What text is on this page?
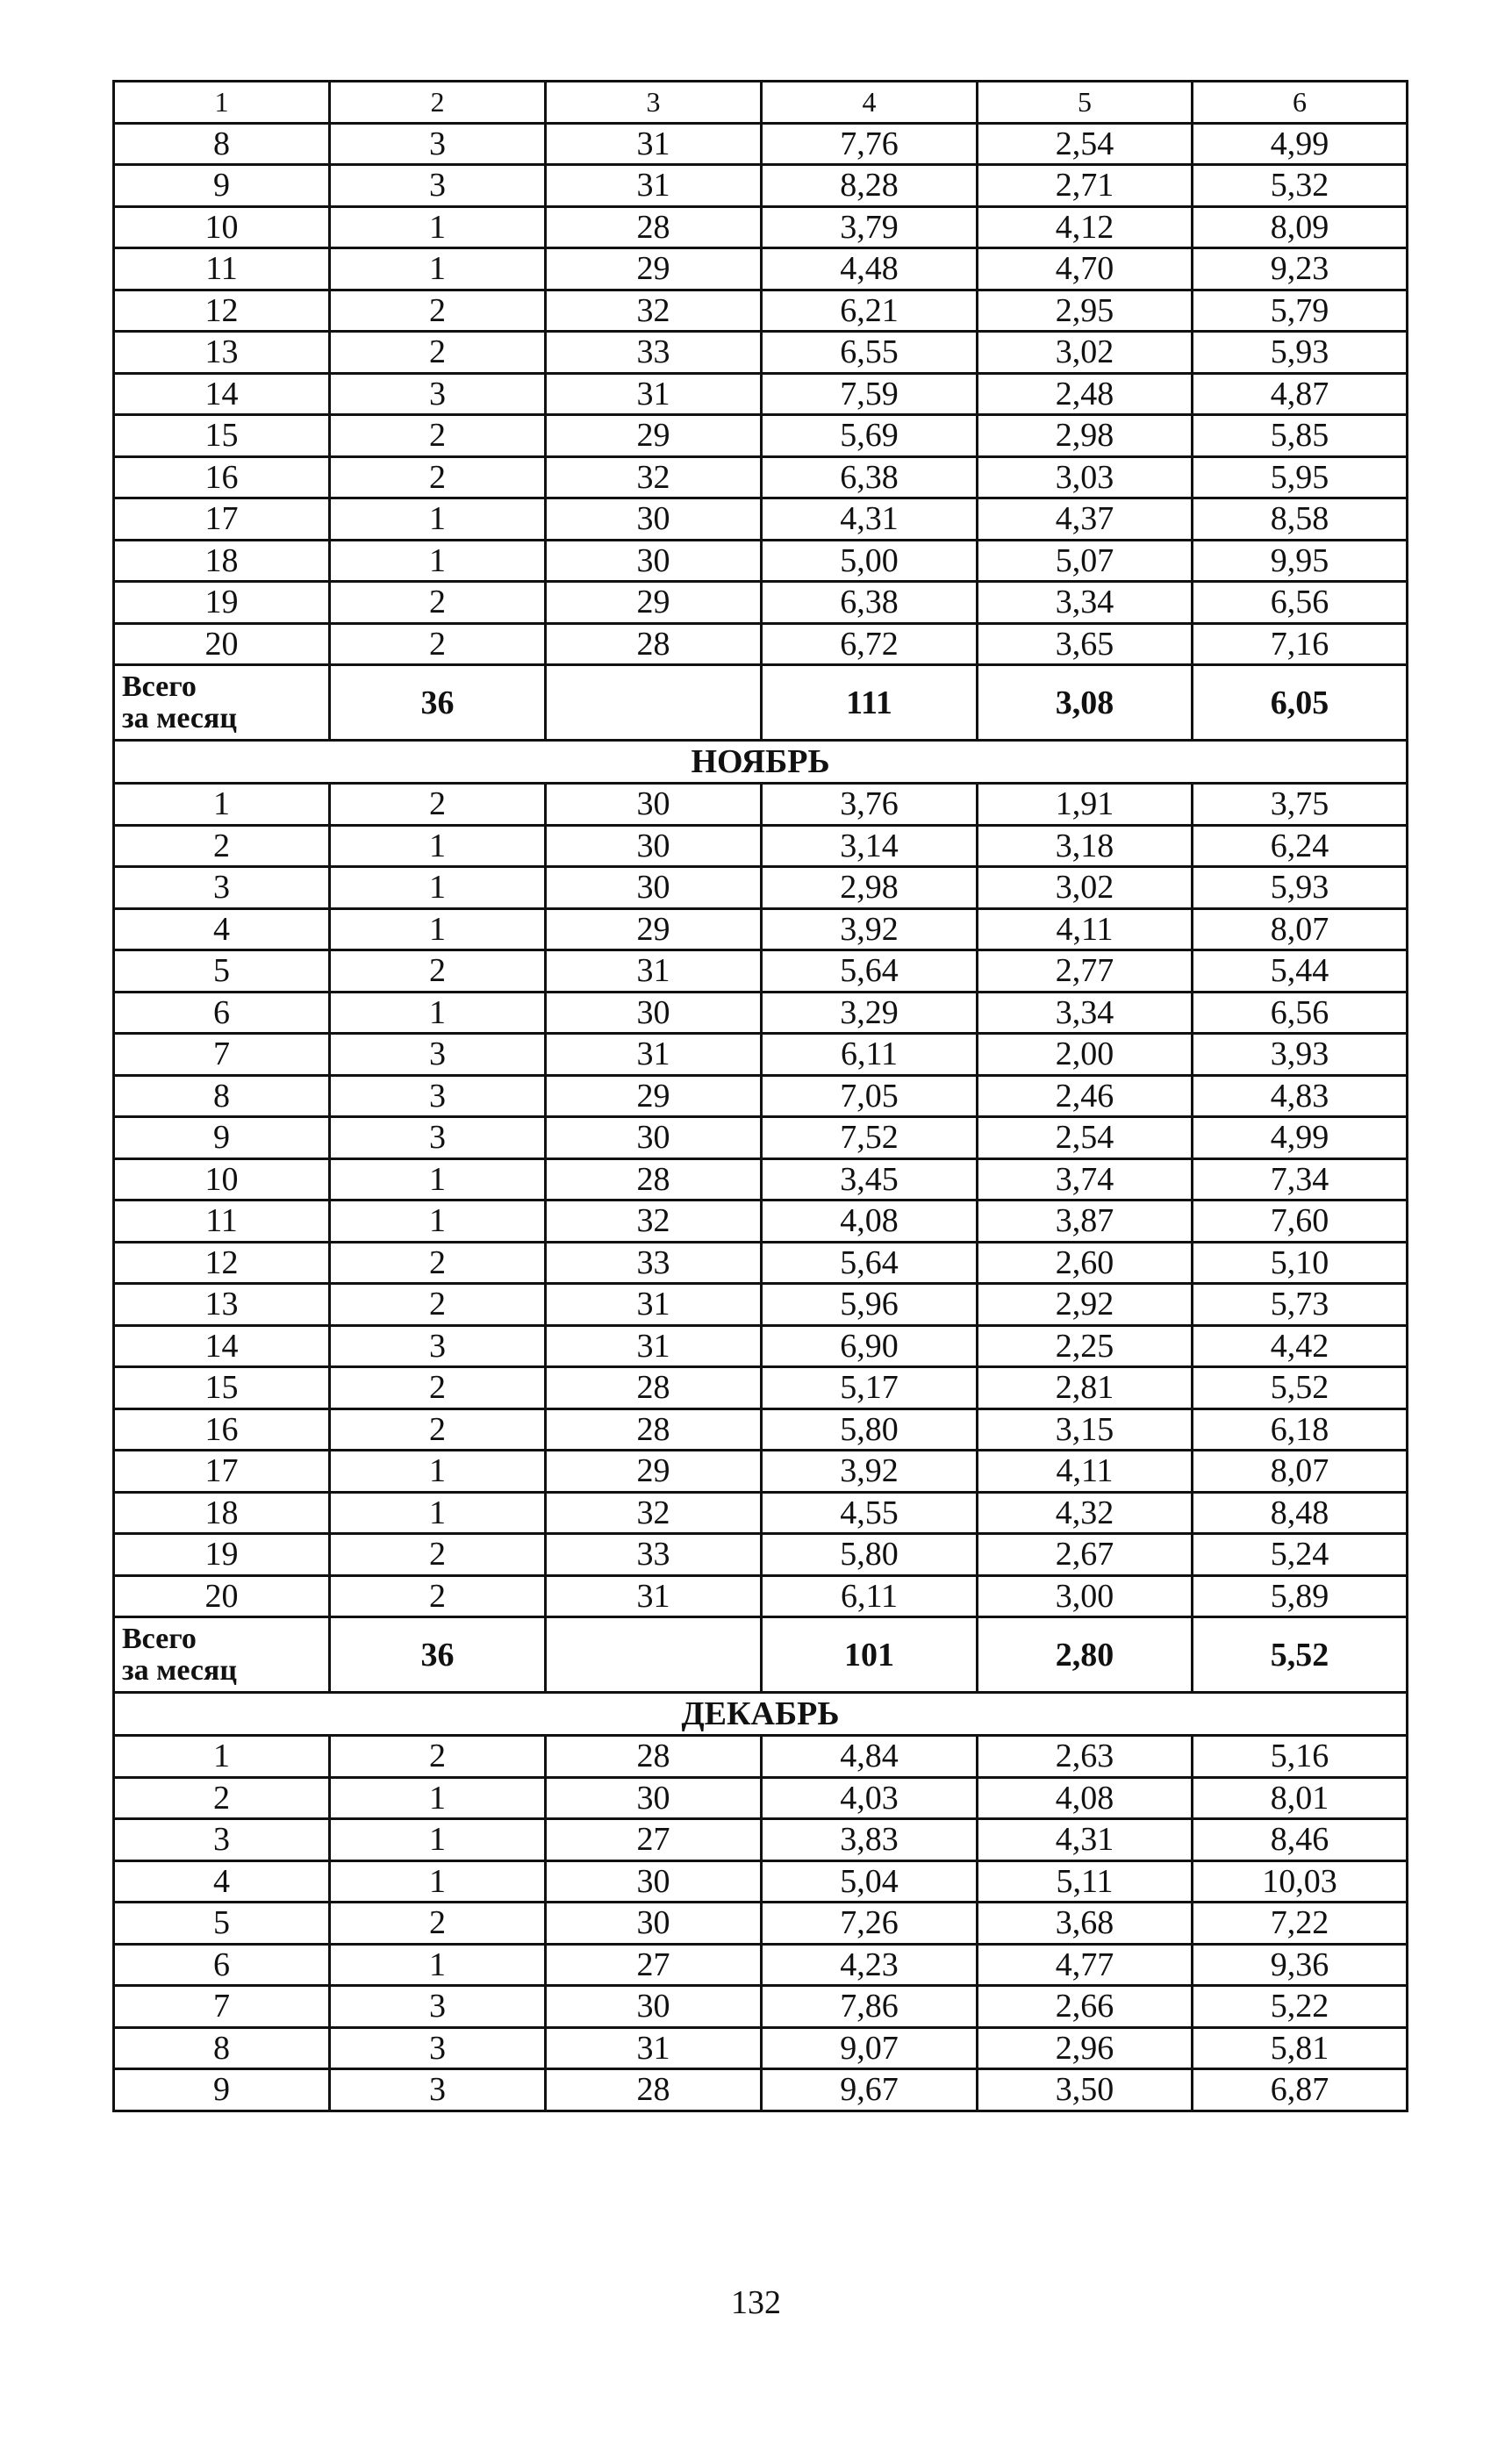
1	2	3	4	5	6
8	3	31	7,76	2,54	4,99
9	3	31	8,28	2,71	5,32
10	1	28	3,79	4,12	8,09
11	1	29	4,48	4,70	9,23
12	2	32	6,21	2,95	5,79
13	2	33	6,55	3,02	5,93
14	3	31	7,59	2,48	4,87
15	2	29	5,69	2,98	5,85
16	2	32	6,38	3,03	5,95
17	1	30	4,31	4,37	8,58
18	1	30	5,00	5,07	9,95
19	2	29	6,38	3,34	6,56
20	2	28	6,72	3,65	7,16

Всего
за месяц	36		111	3,08	6,05
НОЯБРЬ					
1	2	30	3,76	1,91	3,75
2	1	30	3,14	3,18	6,24
3	1	30	2,98	3,02	5,93
4	1	29	3,92	4,11	8,07
5	2	31	5,64	2,77	5,44
6	1	30	3,29	3,34	6,56
7	3	31	6,11	2,00	3,93
8	3	29	7,05	2,46	4,83
9	3	30	7,52	2,54	4,99
10	1	28	3,45	3,74	7,34
11	1	32	4,08	3,87	7,60
12	2	33	5,64	2,60	5,10
13	2	31	5,96	2,92	5,73
14	3	31	6,90	2,25	4,42
15	2	28	5,17	2,81	5,52
16	2	28	5,80	3,15	6,18
17	1	29	3,92	4,11	8,07
18	1	32	4,55	4,32	8,48
19	2	33	5,80	2,67	5,24
20	2	31	6,11	3,00	5,89

Всего
за месяц	36		101	2,80	5,52
ДЕКАБРЬ					
1	2	28	4,84	2,63	5,16
2	1	30	4,03	4,08	8,01
3	1	27	3,83	4,31	8,46
4	1	30	5,04	5,11	10,03
5	2	30	7,26	3,68	7,22
6	1	27	4,23	4,77	9,36
7	3	30	7,86	2,66	5,22
8	3	31	9,07	2,96	5,81
9	3	28	9,67	3,50	6,87
132
